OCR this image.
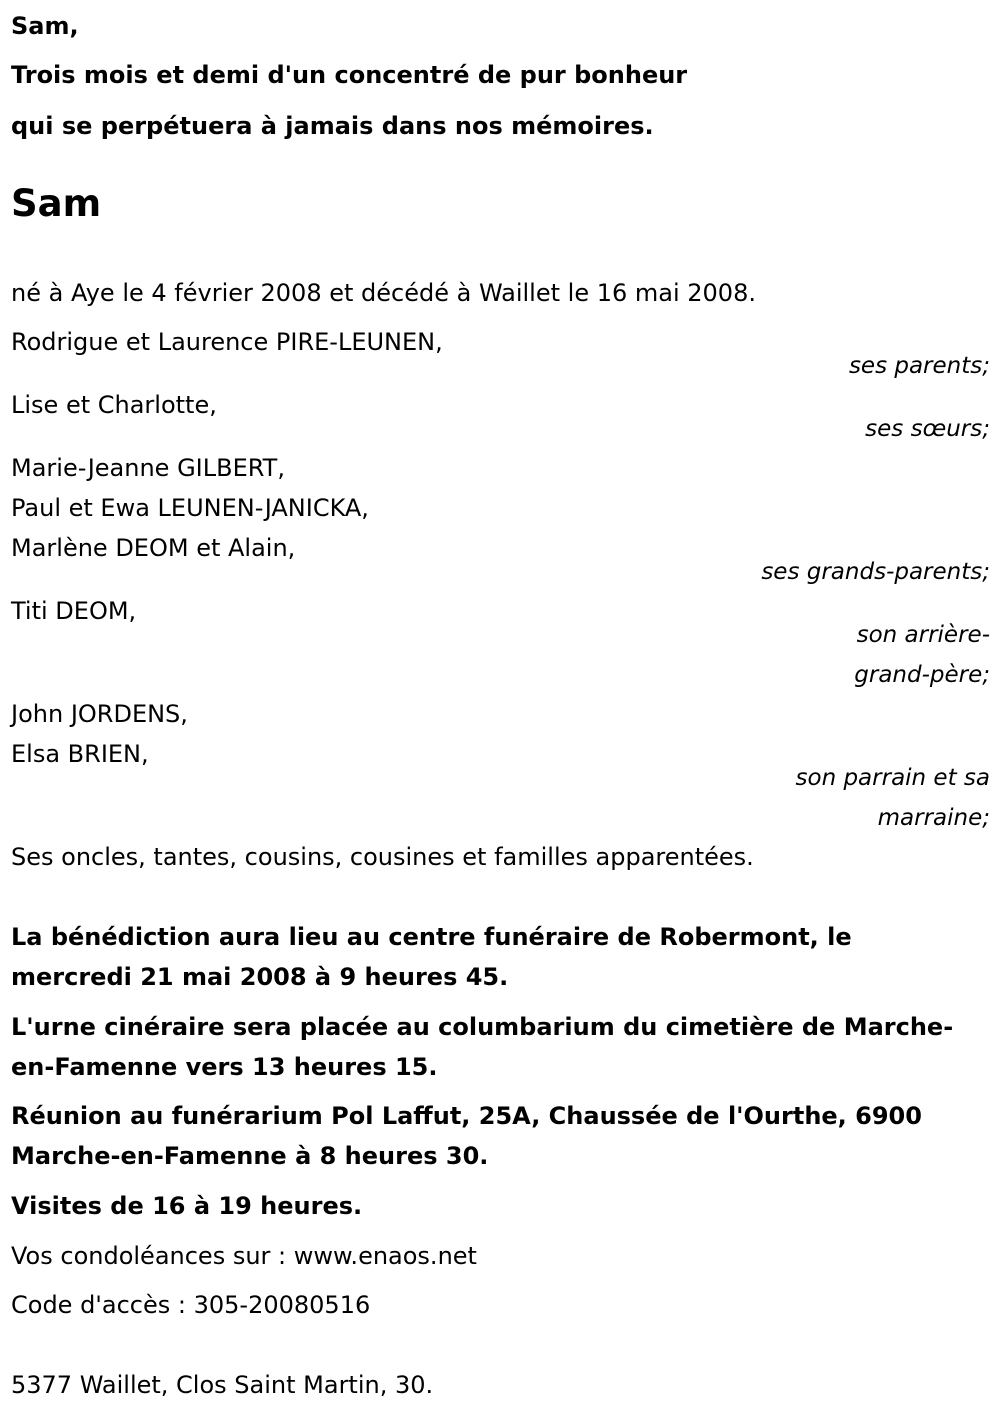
Sam,
Trois mois et demi d'un concentré de pur bonheur
qui se perpétuera à jamais dans nos mémoires.
Sam
né à Aye le 4 février 2008 et décédé à Waillet le 16 mai 2008.
Rodrigue et Laurence PIRE-LEUNEN,
ses parents;
Lise et Charlotte,
ses sœurs;
Marie-Jeanne GILBERT,
Paul et Ewa LEUNEN-JANICKA,
Marlène DEOM et Alain,
ses grands-parents;
Titi DEOM,
son arrière-
grand-père;
John JORDENS,
Elsa BRIEN,
son parrain et sa
marraine;
Ses oncles, tantes, cousins, cousines et familles apparentées.
La bénédiction aura lieu au centre funéraire de Robermont, le
mercredi 21 mai 2008 à 9 heures 45.
L'urne cinéraire sera placée au columbarium du cimetière de Marche-
en-Famenne vers 13 heures 15.
Réunion au funérarium Pol Laffut, 25A, Chaussée de l'Ourthe, 6900
Marche-en-Famenne à 8 heures 30.
Visites de 16 à 19 heures.
Vos condoléances sur : www.enaos.net
Code d'accès : 305-20080516
5377 Waillet, Clos Saint Martin, 30.
